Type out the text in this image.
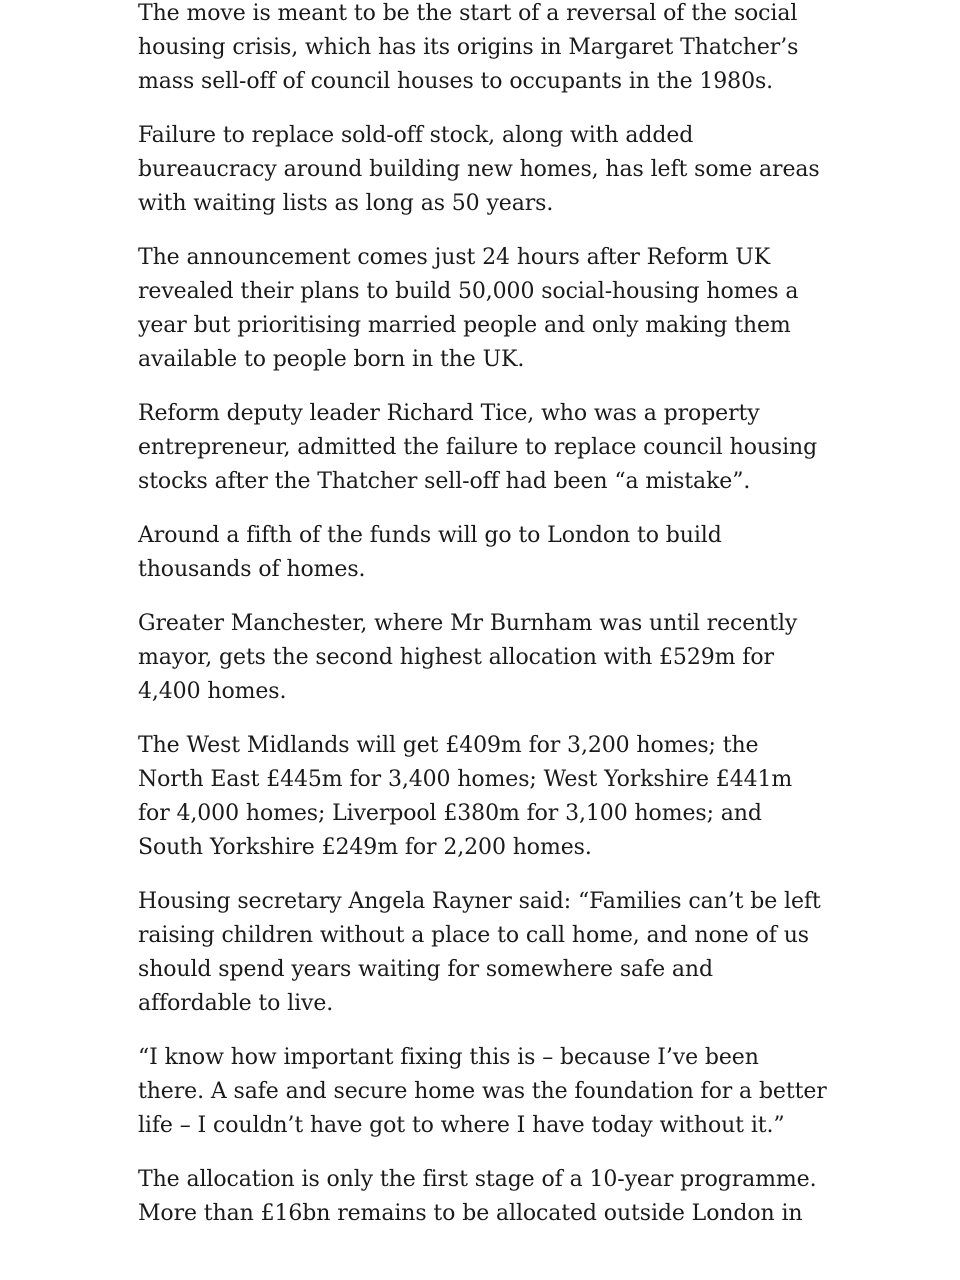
The move is meant to be the start of a reversal of the social housing crisis, which has its origins in Margaret Thatcher’s mass sell-off of council houses to occupants in the 1980s.

Failure to replace sold-off stock, along with added bureaucracy around building new homes, has left some areas with waiting lists as long as 50 years.

The announcement comes just 24 hours after Reform UK revealed their plans to build 50,000 social-housing homes a year but prioritising married people and only making them available to people born in the UK.

Reform deputy leader Richard Tice, who was a property entrepreneur, admitted the failure to replace council housing stocks after the Thatcher sell-off had been “a mistake”.

Around a fifth of the funds will go to London to build thousands of homes.

Greater Manchester, where Mr Burnham was until recently mayor, gets the second highest allocation with £529m for 4,400 homes.

The West Midlands will get £409m for 3,200 homes; the North East £445m for 3,400 homes; West Yorkshire £441m for 4,000 homes; Liverpool £380m for 3,100 homes; and South Yorkshire £249m for 2,200 homes.

Housing secretary Angela Rayner said: “Families can’t be left raising children without a place to call home, and none of us should spend years waiting for somewhere safe and affordable to live.

“I know how important fixing this is – because I’ve been there. A safe and secure home was the foundation for a better life – I couldn’t have got to where I have today without it.”

The allocation is only the first stage of a 10-year programme. More than £16bn remains to be allocated outside London in
